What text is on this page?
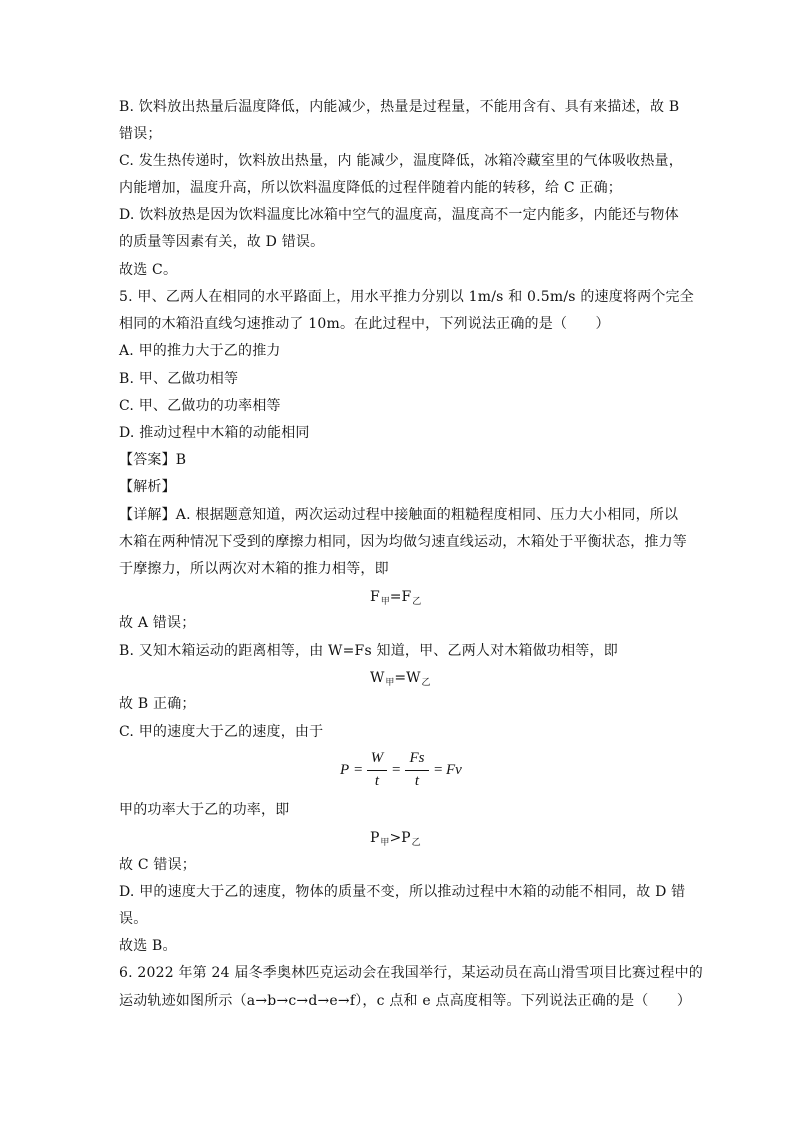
B. 饮料放出热量后温度降低，内能减少，热量是过程量，不能用含有、具有来描述，故 B
错误；
C. 发生热传递时，饮料放出热量，内 能减少，温度降低，冰箱冷藏室里的气体吸收热量，
内能增加，温度升高，所以饮料温度降低的过程伴随着内能的转移，给 C 正确；
D. 饮料放热是因为饮料温度比冰箱中空气的温度高，温度高不一定内能多，内能还与物体
的质量等因素有关，故 D 错误。
故选 C。
5. 甲、乙两人在相同的水平路面上，用水平推力分别以 1m/s 和 0.5m/s 的速度将两个完全
相同的木箱沿直线匀速推动了 10m。在此过程中，下列说法正确的是（　　）
A. 甲的推力大于乙的推力
B. 甲、乙做功相等
C. 甲、乙做功的功率相等
D. 推动过程中木箱的动能相同
【答案】B
【解析】
【详解】A. 根据题意知道，两次运动过程中接触面的粗糙程度相同、压力大小相同，所以
木箱在两种情况下受到的摩擦力相同，因为均做匀速直线运动，木箱处于平衡状态，推力等
于摩擦力，所以两次对木箱的推力相等，即
$F_甲=F_乙$
故 A 错误；
B. 又知木箱运动的距离相等，由 W=Fs 知道，甲、乙两人对木箱做功相等，即
$W_甲=W_乙$
故 B 正确；
C. 甲的速度大于乙的速度，由于
P =
W
t
=
Fs
t
= Fv
甲的功率大于乙的功率，即
$P_甲>P_乙$
故 C 错误；
D. 甲的速度大于乙的速度，物体的质量不变，所以推动过程中木箱的动能不相同，故 D 错
误。
故选 B。
6. 2022 年第 24 届冬季奥林匹克运动会在我国举行，某运动员在高山滑雪项目比赛过程中的
运动轨迹如图所示（a→b→c→d→e→f），c 点和 e 点高度相等。下列说法正确的是（　　）
